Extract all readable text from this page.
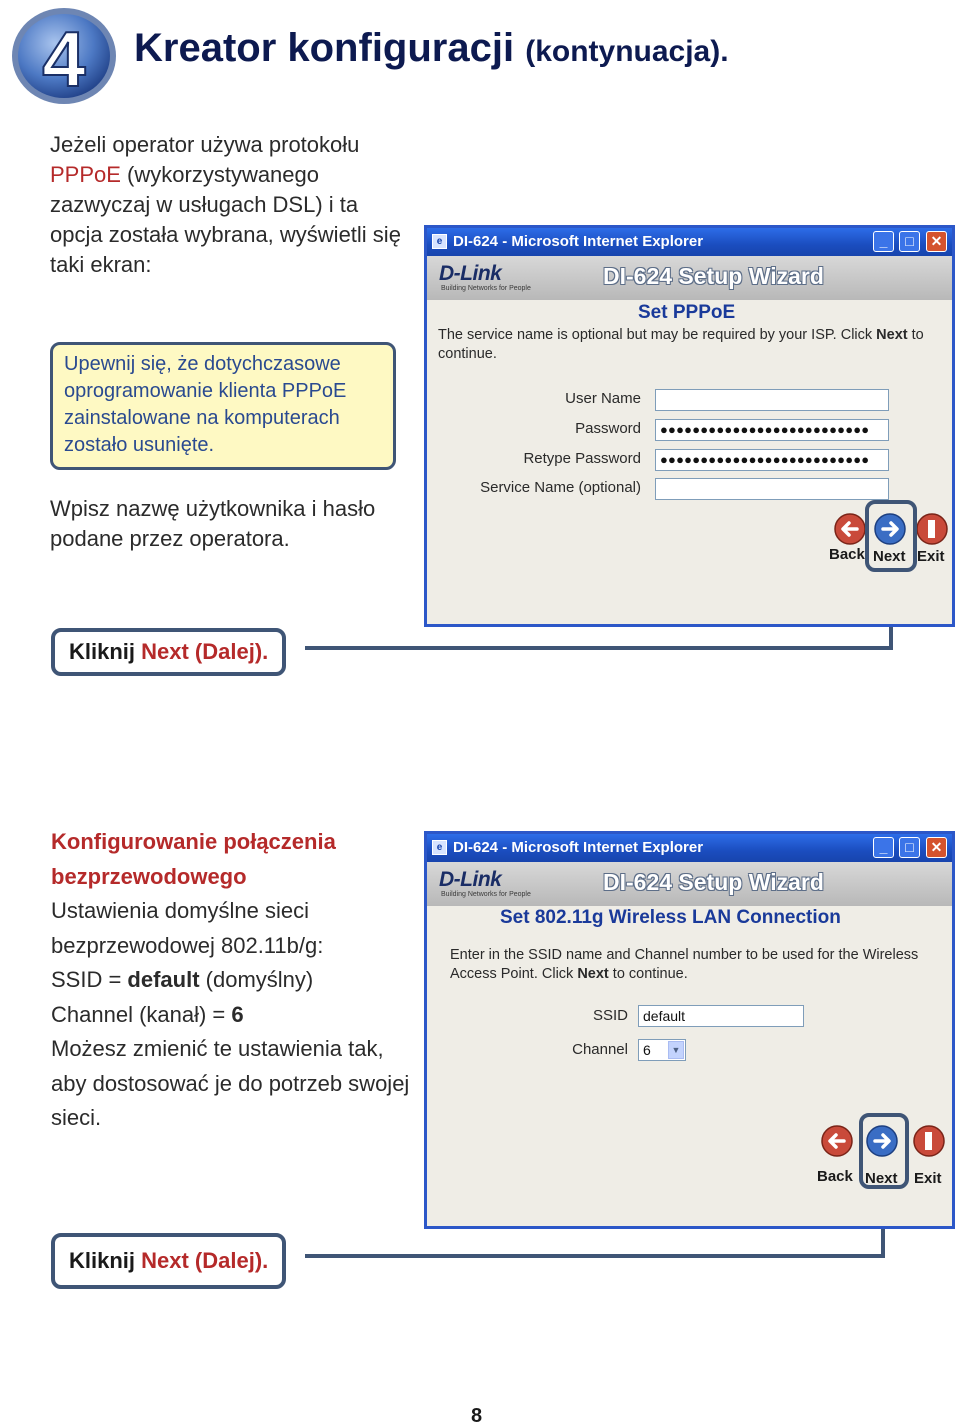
4 Kreator konfiguracji (kontynuacja).
Jeżeli operator używa protokołu PPPoE (wykorzystywanego zazwyczaj w usługach DSL) i ta opcja została wybrana, wyświetli się taki ekran:
Upewnij się, że dotychczasowe oprogramowanie klienta PPPoE zainstalowane na komputerach zostało usunięte.
Wpisz nazwę użytkownika i hasło podane przez operatora.
Kliknij Next (Dalej).
e DI-624 - Microsoft Internet Explorer	_	□	✕
D-Link
Building Networks for People	DI-624 Setup Wizard
Set PPPoE
The service name is optional but may be required by your ISP. Click Next to continue.
User Name
Password	●●●●●●●●●●●●●●●●●●●●●●●●●●
Retype Password	●●●●●●●●●●●●●●●●●●●●●●●●●●
Service Name (optional)
Back Next Exit
Konfigurowanie połączenia bezprzewodowego
Ustawienia domyślne sieci bezprzewodowej 802.11b/g:
SSID = default (domyślny)
Channel (kanał) = 6
Możesz zmienić te ustawienia tak, aby dostosować je do potrzeb swojej sieci.
Kliknij Next (Dalej).
e DI-624 - Microsoft Internet Explorer	_	□	✕
D-Link
Building Networks for People	DI-624 Setup Wizard
Set 802.11g Wireless LAN Connection
Enter in the SSID name and Channel number to be used for the Wireless Access Point. Click Next to continue.
SSID	default
Channel	6	▼
Back Next Exit
8
